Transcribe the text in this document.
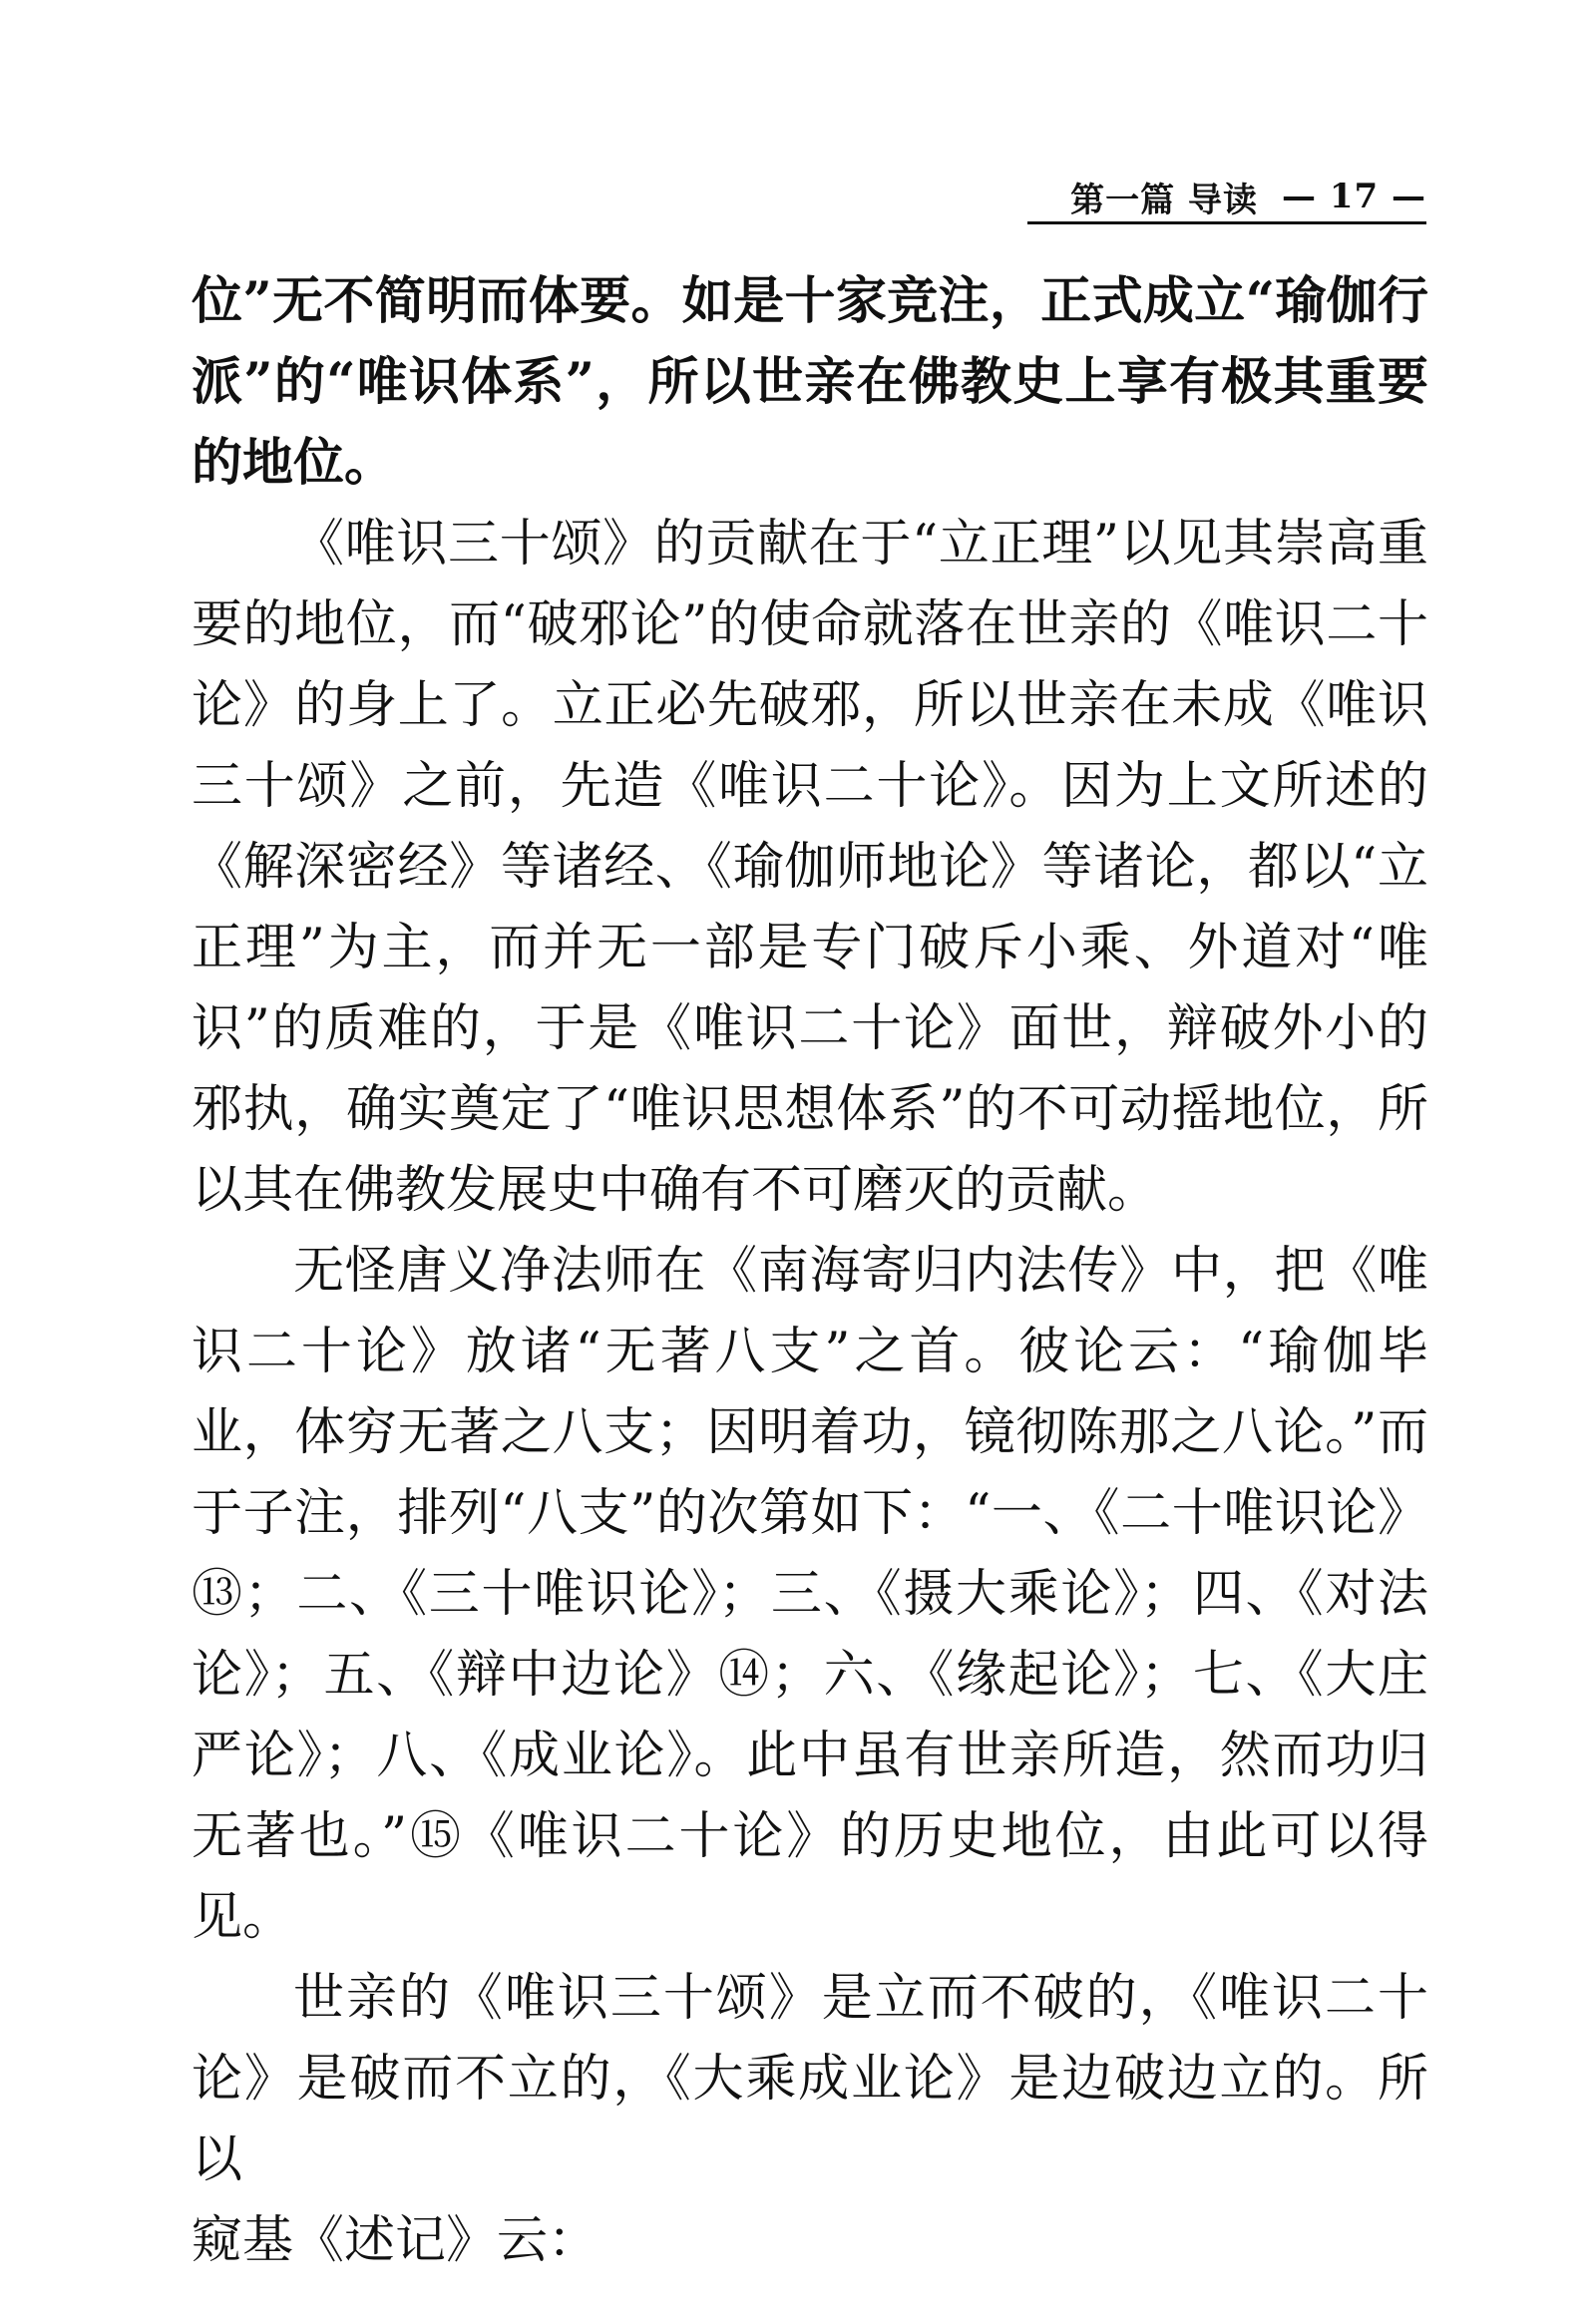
第一篇 导读 — 17 —

位”无不简明而体要。如是十家竞注，正式成立“瑜伽行派”的“唯识体系”，所以世亲在佛教史上享有极其重要的地位。

《唯识三十颂》的贡献在于“立正理”以见其崇高重要的地位，而“破邪论”的使命就落在世亲的《唯识二十论》的身上了。立正必先破邪，所以世亲在未成《唯识三十颂》之前，先造《唯识二十论》。因为上文所述的《解深密经》等诸经、《瑜伽师地论》等诸论，都以“立正理”为主，而并无一部是专门破斥小乘、外道对“唯识”的质难的，于是《唯识二十论》面世，辩破外小的邪执，确实奠定了“唯识思想体系”的不可动摇地位，所以其在佛教发展史中确有不可磨灭的贡献。

无怪唐义净法师在《南海寄归内法传》中，把《唯识二十论》放诸“无著八支”之首。彼论云：“瑜伽毕业，体穷无著之八支；因明着功，镜彻陈那之八论。”而于子注，排列“八支”的次第如下：“一、《二十唯识论》⑬；二、《三十唯识论》；三、《摄大乘论》；四、《对法论》；五、《辩中边论》⑭；六、《缘起论》；七、《大庄严论》；八、《成业论》。此中虽有世亲所造，然而功归无著也。”⑮《唯识二十论》的历史地位，由此可以得见。

世亲的《唯识三十颂》是立而不破的，《唯识二十论》是破而不立的，《大乘成业论》是边破边立的。所以

窥基《述记》云：
